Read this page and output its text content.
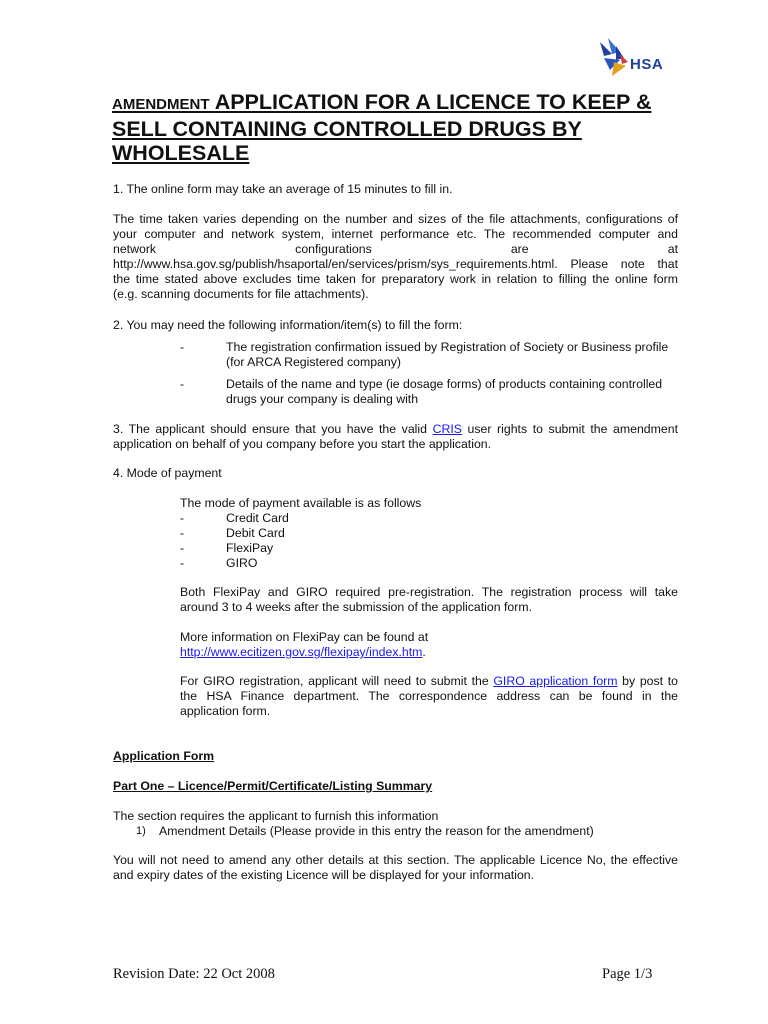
HSA
AMENDMENT APPLICATION FOR A LICENCE TO KEEP &
SELL CONTAINING CONTROLLED DRUGS BY
WHOLESALE

1. The online form may take an average of 15 minutes to fill in.

The time taken varies depending on the number and sizes of the file attachments, configurations of
your computer and network system, internet performance etc. The recommended computer and
network	configurations	are	at
http://www.hsa.gov.sg/publish/hsaportal/en/services/prism/sys_requirements.html. Please note that
the time stated above excludes time taken for preparatory work in relation to filling the online form
(e.g. scanning documents for file attachments).

2. You may need the following information/item(s) to fill the form:

-	The registration confirmation issued by Registration of Society or Business profile
(for ARCA Registered company)
-	Details of the name and type (ie dosage forms) of products containing controlled
drugs your company is dealing with
3. The applicant should ensure that you have the valid CRIS user rights to submit the amendment
application on behalf of you company before you start the application.

4. Mode of payment

The mode of payment available is as follows

-	Credit Card
-	Debit Card
-	FlexiPay
-	GIRO
Both FlexiPay and GIRO required pre-registration. The registration process will take
around 3 to 4 weeks after the submission of the application form.
More information on FlexiPay can be found at
http://www.ecitizen.gov.sg/flexipay/index.htm.
For GIRO registration, applicant will need to submit the GIRO application form by post to
the HSA Finance department. The correspondence address can be found in the
application form.

Application Form

Part One – Licence/Permit/Certificate/Listing Summary

The section requires the applicant to furnish this information

1) Amendment Details (Please provide in this entry the reason for the amendment)
You will not need to amend any other details at this section. The applicable Licence No, the effective
and expiry dates of the existing Licence will be displayed for your information.
Revision Date: 22 Oct 2008	Page 1/3
